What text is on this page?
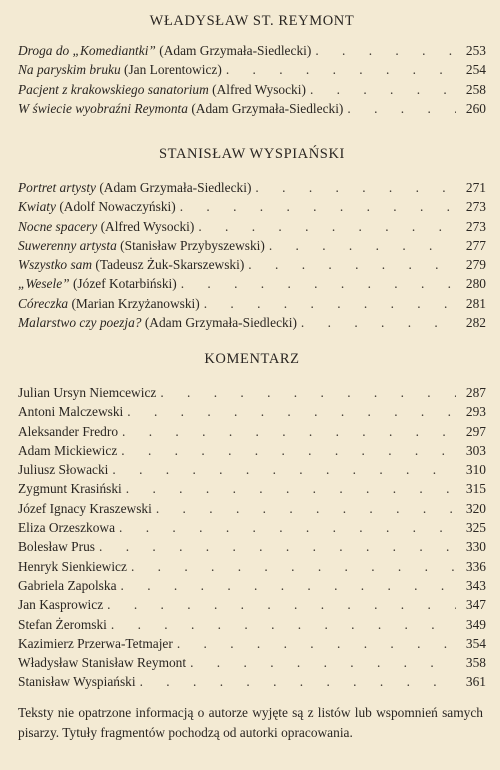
WŁADYSŁAW ST. REYMONT
Droga do „Komediantki” (Adam Grzymała-Siedlecki) . . .	253
Na paryskim bruku (Jan Lorentowicz) . . .	254
Pacjent z krakowskiego sanatorium (Alfred Wysocki) . . .	258
W świecie wyobraźni Reymonta (Adam Grzymała-Siedlecki) . . .	260
STANISŁAW WYSPIAŃSKI
Portret artysty (Adam Grzymała-Siedlecki) . . .	271
Kwiaty (Adolf Nowaczyński) . . .	273
Nocne spacery (Alfred Wysocki) . . .	273
Suwerenny artysta (Stanisław Przybyszewski) . . .	277
Wszystko sam (Tadeusz Żuk-Skarszewski) . . .	279
„Wesele” (Józef Kotarbiński) . . .	280
Córeczka (Marian Krzyżanowski) . . .	281
Malarstwo czy poezja? (Adam Grzymała-Siedlecki) . . .	282
KOMENTARZ
Julian Ursyn Niemcewicz . . .	287
Antoni Malczewski . . .	293
Aleksander Fredro . . .	297
Adam Mickiewicz . . .	303
Juliusz Słowacki . . .	310
Zygmunt Krasiński . . .	315
Józef Ignacy Kraszewski . . .	320
Eliza Orzeszkowa . . .	325
Bolesław Prus . . .	330
Henryk Sienkiewicz . . .	336
Gabriela Zapolska . . .	343
Jan Kasprowicz . . .	347
Stefan Żeromski . . .	349
Kazimierz Przerwa-Tetmajer . . .	354
Władysław Stanisław Reymont . . .	358
Stanisław Wyspiański . . .	361
Teksty nie opatrzone informacją o autorze wyjęte są z listów lub wspomnień samych pisarzy. Tytuły fragmentów pochodzą od autorki opracowania.
